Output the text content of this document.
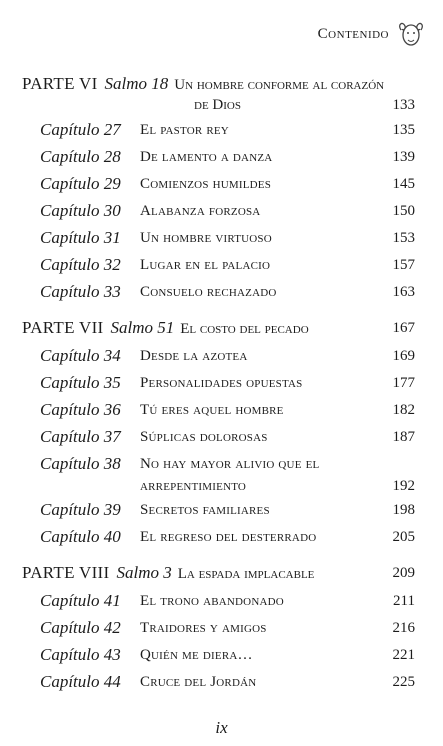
Contenido
PARTE VI Salmo 18 Un hombre conforme al corazón
de Dios	133
Capítulo 27 El pastor rey	135
Capítulo 28 De lamento a danza	139
Capítulo 29 Comienzos humildes	145
Capítulo 30 Alabanza forzosa	150
Capítulo 31 Un hombre virtuoso	153
Capítulo 32 Lugar en el palacio	157
Capítulo 33 Consuelo rechazado	163
PARTE VII Salmo 51 El costo del pecado	167
Capítulo 34 Desde la azotea	169
Capítulo 35 Personalidades opuestas	177
Capítulo 36 Tú eres aquel hombre	182
Capítulo 37 Súplicas dolorosas	187
Capítulo 38 No hay mayor alivio que el
arrepentimiento	192
Capítulo 39 Secretos familiares	198
Capítulo 40 El regreso del desterrado	205
PARTE VIII Salmo 3 La espada implacable	209
Capítulo 41 El trono abandonado	211
Capítulo 42 Traidores y amigos	216
Capítulo 43 Quién me diera…	221
Capítulo 44 Cruce del Jordán	225
ix
